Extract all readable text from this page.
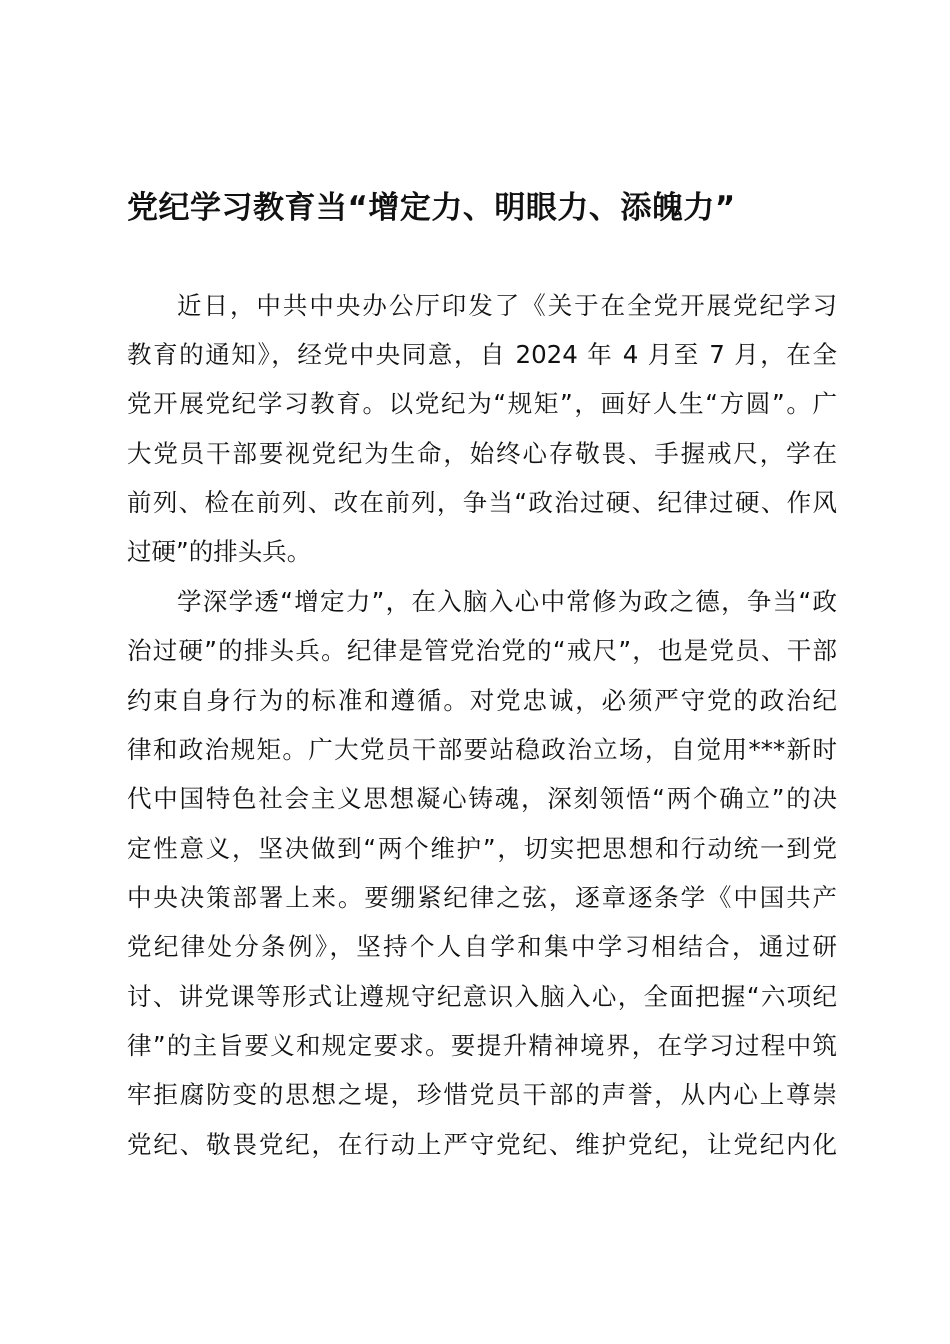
党纪学习教育当“增定力、明眼力、添魄力”

近日，中共中央办公厅印发了《关于在全党开展党纪学习

教育的通知》，经党中央同意，自 2024 年 4 月至 7 月，在全

党开展党纪学习教育。以党纪为“规矩”，画好人生“方圆”。广

大党员干部要视党纪为生命，始终心存敬畏、手握戒尺，学在

前列、检在前列、改在前列，争当“政治过硬、纪律过硬、作风

过硬”的排头兵。

学深学透“增定力”，在入脑入心中常修为政之德，争当“政

治过硬”的排头兵。纪律是管党治党的“戒尺”，也是党员、干部

约束自身行为的标准和遵循。对党忠诚，必须严守党的政治纪

律和政治规矩。广大党员干部要站稳政治立场，自觉用***新时

代中国特色社会主义思想凝心铸魂，深刻领悟“两个确立”的决

定性意义，坚决做到“两个维护”，切实把思想和行动统一到党

中央决策部署上来。要绷紧纪律之弦，逐章逐条学《中国共产

党纪律处分条例》，坚持个人自学和集中学习相结合，通过研

讨、讲党课等形式让遵规守纪意识入脑入心，全面把握“六项纪

律”的主旨要义和规定要求。要提升精神境界，在学习过程中筑

牢拒腐防变的思想之堤，珍惜党员干部的声誉，从内心上尊崇

党纪、敬畏党纪，在行动上严守党纪、维护党纪，让党纪内化
